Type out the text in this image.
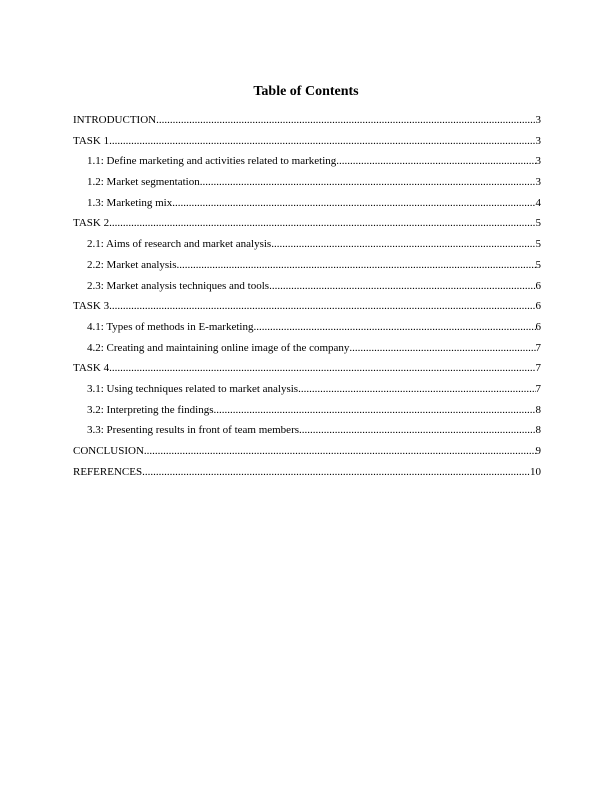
Table of Contents
INTRODUCTION .....	3
TASK 1 .....	3
1.1: Define marketing and activities related to marketing .....	3
1.2: Market segmentation .....	3
1.3: Marketing mix .....	4
TASK 2 .....	5
2.1: Aims of research and market analysis .....	5
2.2: Market analysis .....	5
2.3: Market analysis techniques and tools .....	6
TASK 3 .....	6
4.1: Types of methods in E-marketing .....	6
4.2: Creating and maintaining online image of the company .....	7
TASK 4 .....	7
3.1: Using techniques related to market analysis .....	7
3.2: Interpreting the findings .....	8
3.3: Presenting results in front of team members .....	8
CONCLUSION .....	9
REFERENCES .....	10
